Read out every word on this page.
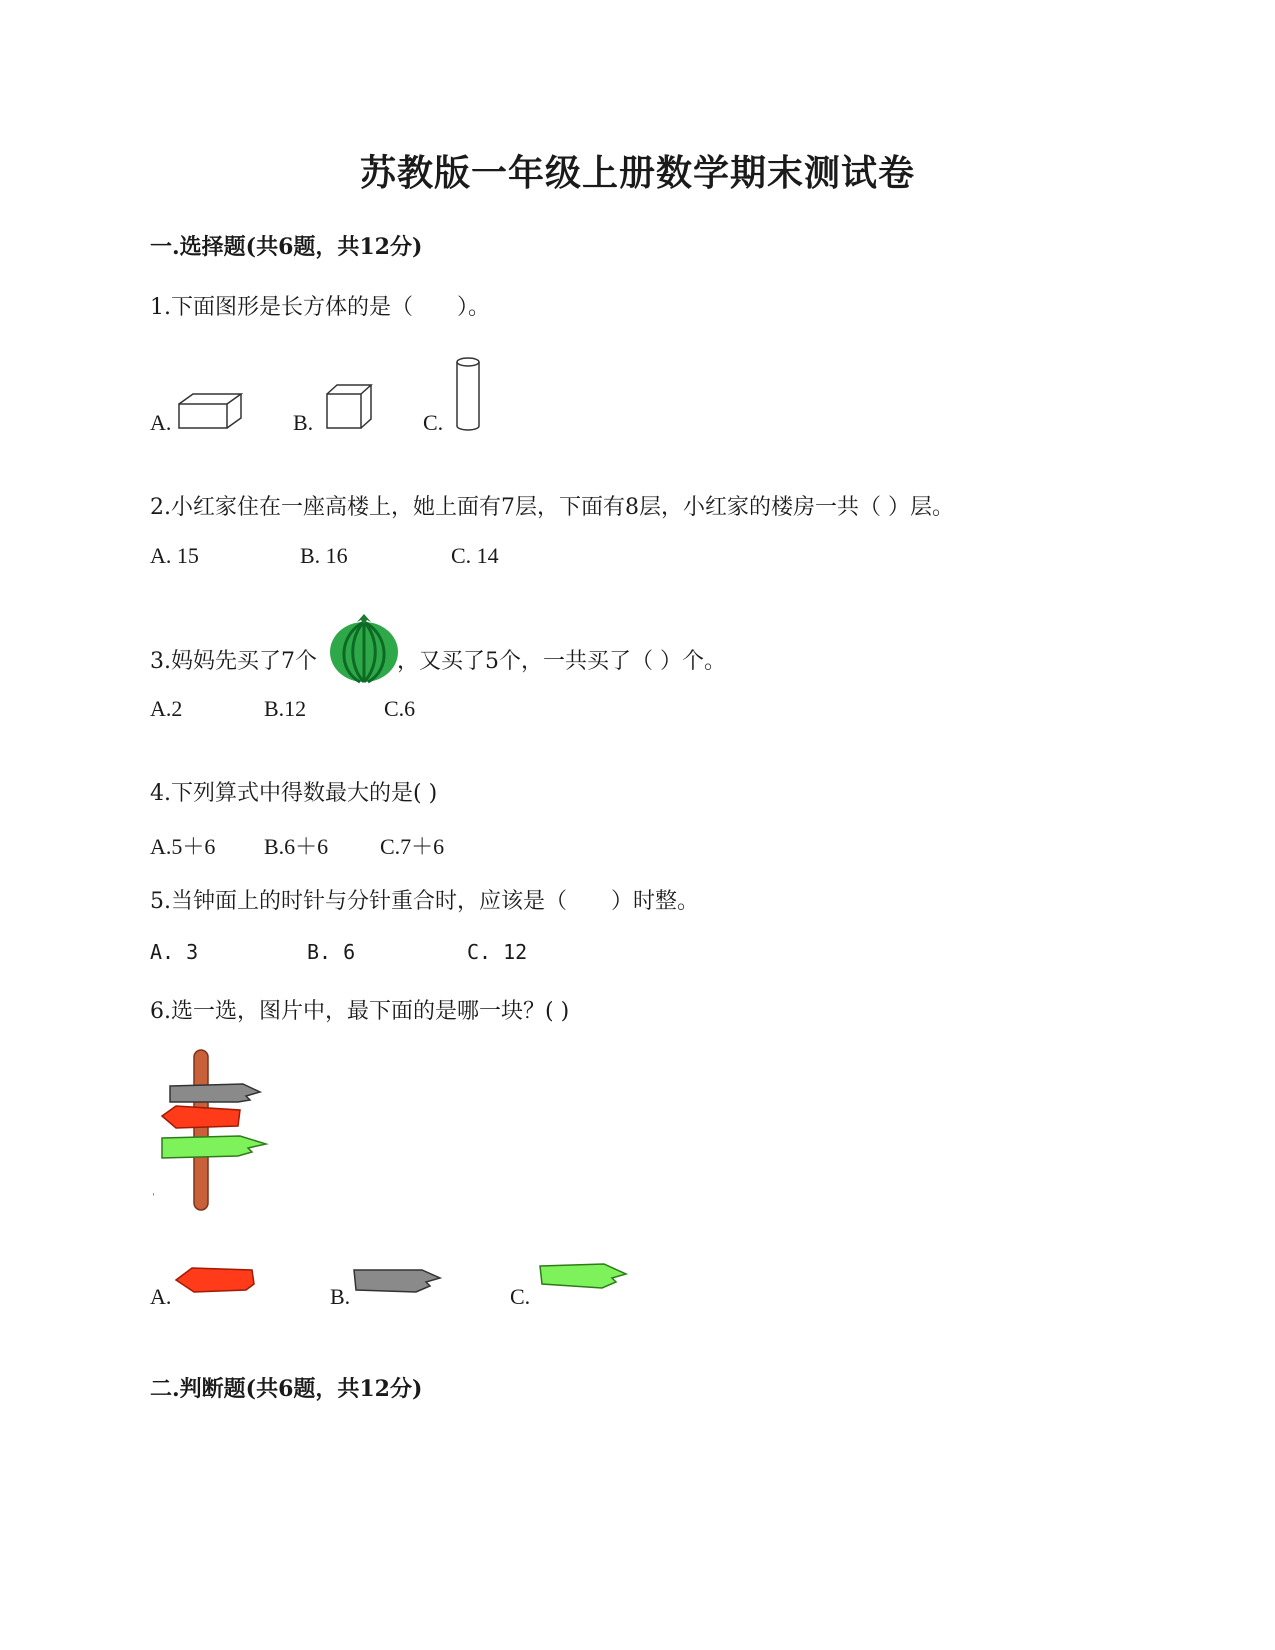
苏教版一年级上册数学期末测试卷
一.选择题(共6题，共12分)
1.下面图形是长方体的是（　　）。
A.	B.	C.
2.小红家住在一座高楼上，她上面有7层，下面有8层，小红家的楼房一共（ ）层。
A. 15	B. 16	C. 14
3.妈妈先买了7个	，又买了5个，一共买了（ ）个。
A.2	B.12	C.6
4.下列算式中得数最大的是( )
A.5＋6 B.6＋6 C.7＋6
5.当钟面上的时针与分针重合时，应该是（　　）时整。
A. 3	B. 6	C. 12
6.选一选，图片中，最下面的是哪一块？( )
'
A.	B.	C.
二.判断题(共6题，共12分)
